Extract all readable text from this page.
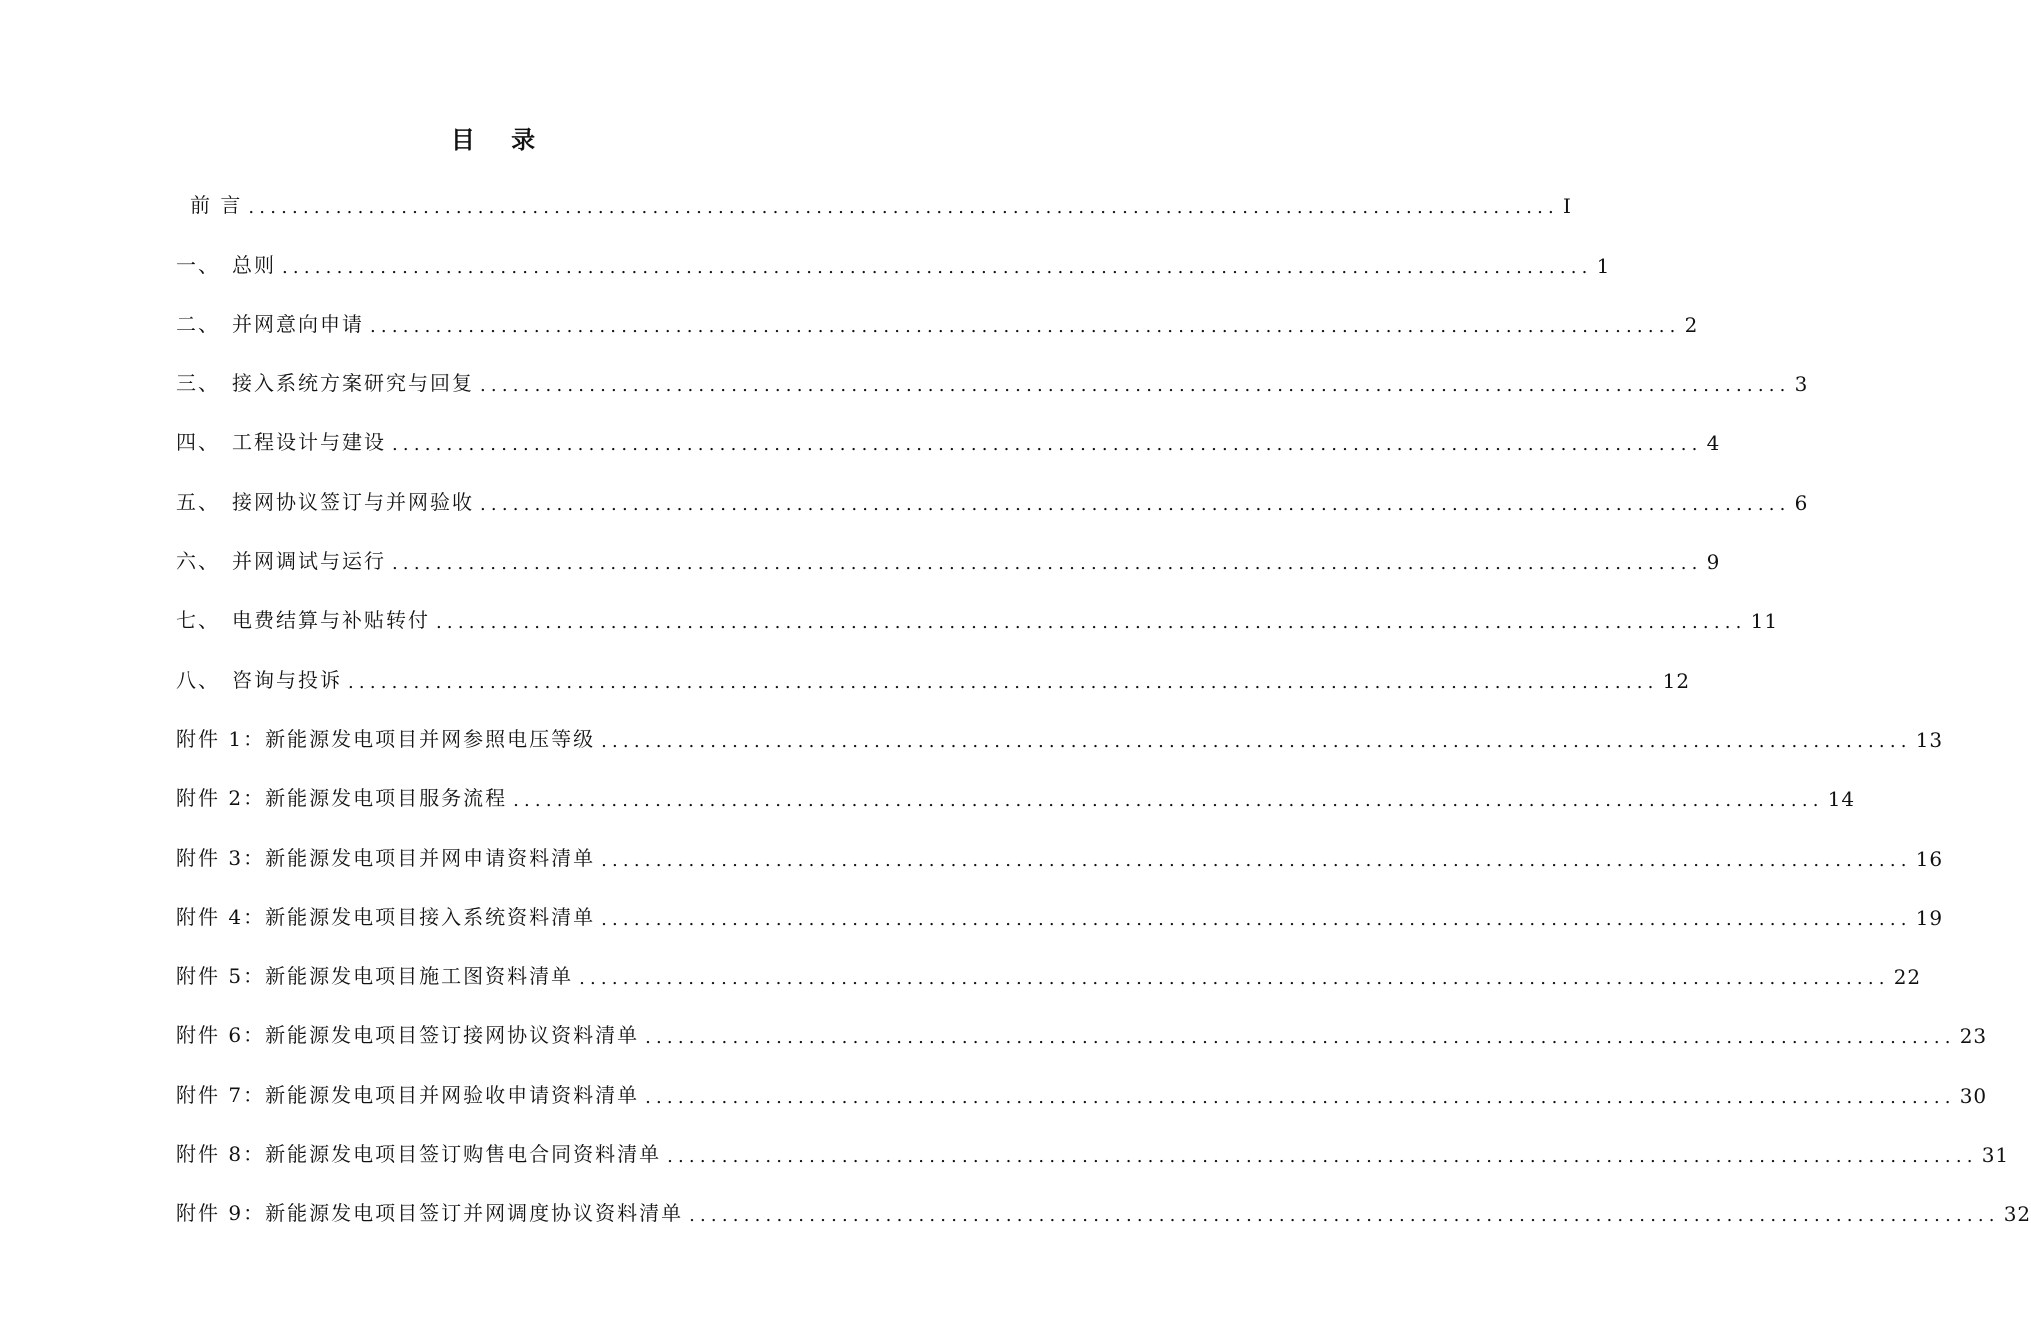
目 录
前 言 ........................................................................................................................ I
一、 总则 ........................................................................................................................ 1
二、 并网意向申请 ........................................................................................................................ 2
三、 接入系统方案研究与回复 ........................................................................................................................ 3
四、 工程设计与建设 ........................................................................................................................ 4
五、 接网协议签订与并网验收 ........................................................................................................................ 6
六、 并网调试与运行 ........................................................................................................................ 9
七、 电费结算与补贴转付 ........................................................................................................................ 11
八、 咨询与投诉 ........................................................................................................................ 12
附件 1： 新能源发电项目并网参照电压等级 ........................................................................................................................ 13
附件 2： 新能源发电项目服务流程 ........................................................................................................................ 14
附件 3： 新能源发电项目并网申请资料清单 ........................................................................................................................ 16
附件 4： 新能源发电项目接入系统资料清单 ........................................................................................................................ 19
附件 5： 新能源发电项目施工图资料清单 ........................................................................................................................ 22
附件 6： 新能源发电项目签订接网协议资料清单 ........................................................................................................................ 23
附件 7： 新能源发电项目并网验收申请资料清单 ........................................................................................................................ 30
附件 8： 新能源发电项目签订购售电合同资料清单 ........................................................................................................................ 31
附件 9： 新能源发电项目签订并网调度协议资料清单 ........................................................................................................................ 32
